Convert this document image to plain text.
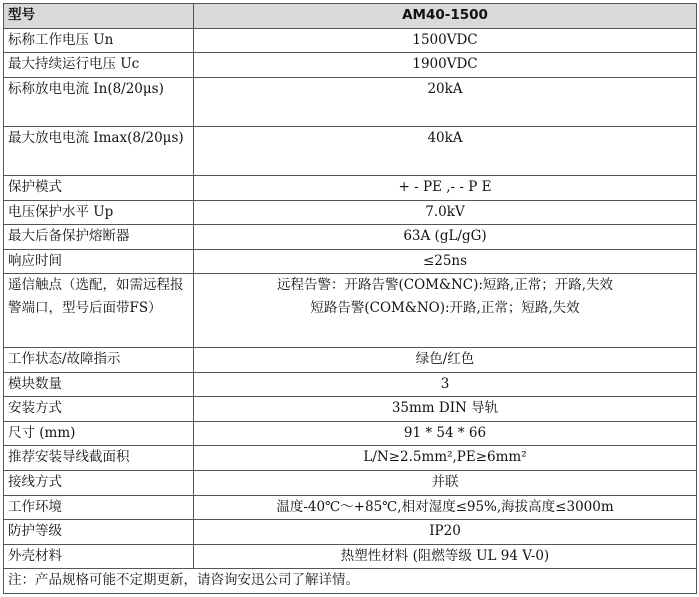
型号	AM40-1500
标称工作电压 Un	1500VDC
最大持续运行电压 Uc	1900VDC
标称放电电流 In(8/20μs)	20kA
最大放电电流 Imax(8/20μs)	40kA
保护模式	+ - PE ,- - P E
电压保护水平 Up	7.0kV
最大后备保护熔断器	63A (gL/gG)
响应时间	≤25ns
遥信触点（选配，如需远程报警端口，型号后面带FS）	远程告警：开路告警(COM&NC):短路,正常；开路,失效
短路告警(COM&NO):开路,正常；短路,失效

工作状态/故障指示	绿色/红色
模块数量	3
安装方式	35mm DIN 导轨
尺寸 (mm)	91 * 54 * 66
推荐安装导线截面积	L/N≥2.5mm²,PE≥6mm²
接线方式	并联
工作环境	温度-40℃～+85℃,相对湿度≤95%,海拔高度≤3000m
防护等级	IP20
外壳材料	热塑性材料 (阻燃等级 UL 94 V-0)
注：产品规格可能不定期更新，请咨询安迅公司了解详情。	
